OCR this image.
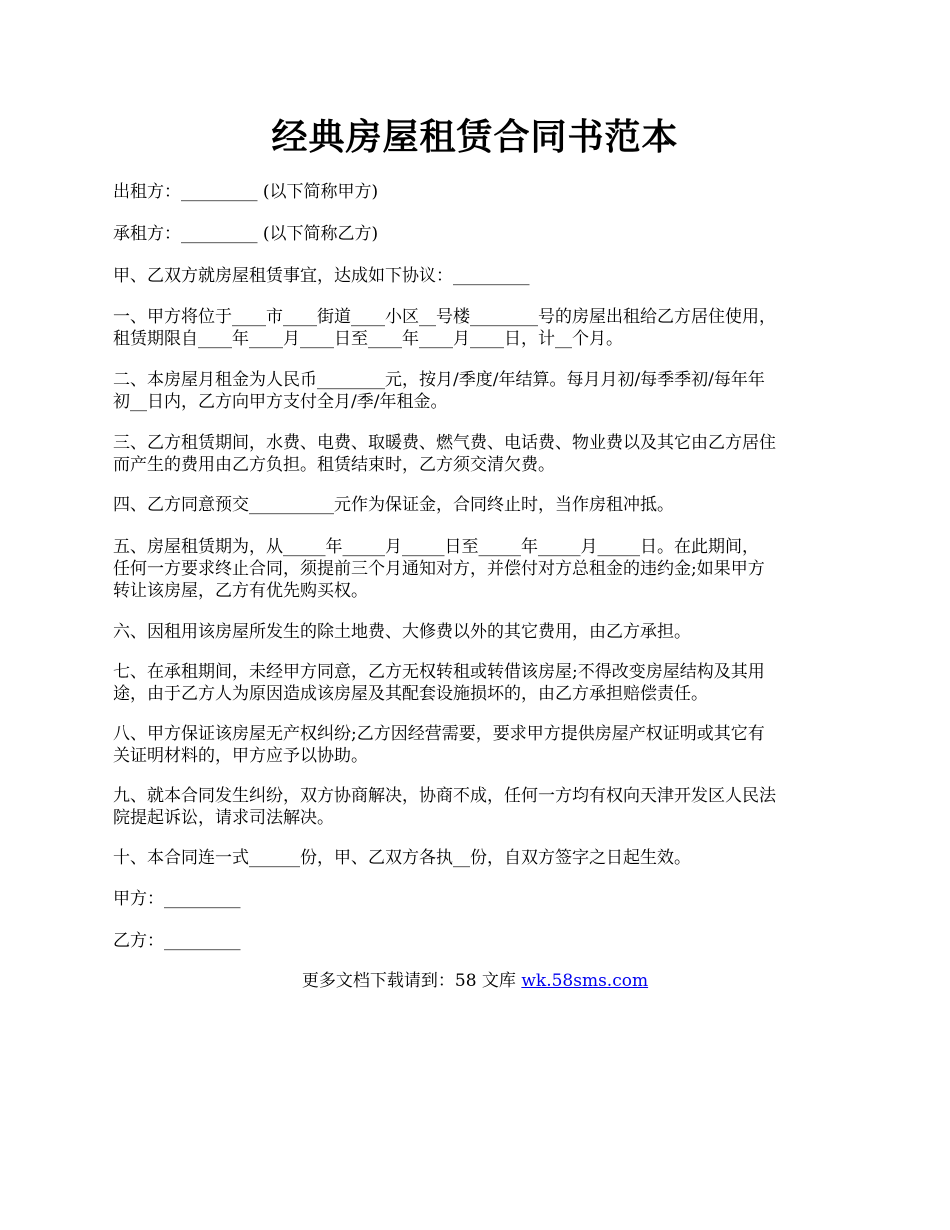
经典房屋租赁合同书范本
出租方：_________ (以下简称甲方)
承租方：_________ (以下简称乙方)
甲、乙双方就房屋租赁事宜，达成如下协议：_________
一、甲方将位于____市____街道____小区__号楼________号的房屋出租给乙方居住使用，
租赁期限自____年____月____日至____年____月____日，计__个月。
二、本房屋月租金为人民币________元，按月/季度/年结算。每月月初/每季季初/每年年
初__日内，乙方向甲方支付全月/季/年租金。
三、乙方租赁期间，水费、电费、取暖费、燃气费、电话费、物业费以及其它由乙方居住
而产生的费用由乙方负担。租赁结束时，乙方须交清欠费。
四、乙方同意预交__________元作为保证金，合同终止时，当作房租冲抵。
五、房屋租赁期为，从_____年_____月_____日至_____年_____月_____日。在此期间，
任何一方要求终止合同，须提前三个月通知对方，并偿付对方总租金的违约金;如果甲方
转让该房屋，乙方有优先购买权。
六、因租用该房屋所发生的除土地费、大修费以外的其它费用，由乙方承担。
七、在承租期间，未经甲方同意，乙方无权转租或转借该房屋;不得改变房屋结构及其用
途，由于乙方人为原因造成该房屋及其配套设施损坏的，由乙方承担赔偿责任。
八、甲方保证该房屋无产权纠纷;乙方因经营需要，要求甲方提供房屋产权证明或其它有
关证明材料的，甲方应予以协助。
九、就本合同发生纠纷，双方协商解决，协商不成，任何一方均有权向天津开发区人民法
院提起诉讼，请求司法解决。
十、本合同连一式______份，甲、乙双方各执__份，自双方签字之日起生效。
甲方：_________
乙方：_________
更多文档下载请到：58 文库 wk.58sms.com
